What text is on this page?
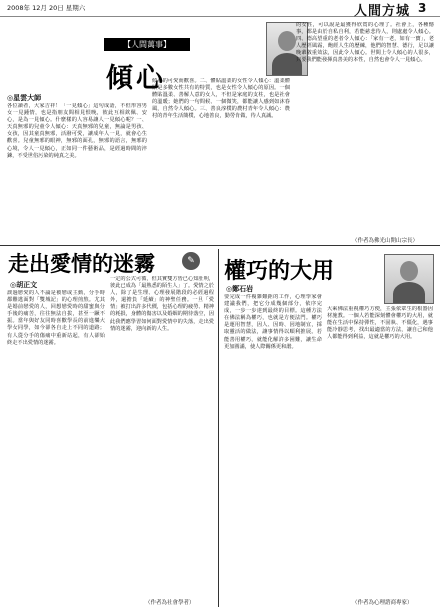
2008年 12月 20日 星期六	人間方城 3
【人間萬事】
傾心
◎星雲大師
各位讀者，大家吉祥！「一見傾心」這句成語，不但形容男女一見鍾情，也是指朋友間相見恨晚，彼此互相欽佩、安心，是為一見傾心。什麼樣的人容易讓人一見傾心呢？一、天真無邪的兒童令人傾心：天真無邪的兒童，無論是男孩、女孩，因其童真無邪，活潑可愛，讓成年人一見，就會心生歡喜。兒童無邪的眼神，無邪的面孔，無邪的語言，無邪的心境，令人一見傾心，正如同一件藝術品，是經過時間的淬鍊，不受世俗污染的純真之美。
傾心的可愛而歡喜。二、體貼溫柔的女性令人傾心：溫柔體貼是多數女性共有的特質，也是女性令人傾心的原因。一個體貼溫柔、善解人意的女人，不但是家庭的支柱，也是社會的溫暖；她們的一句問候、一個微笑，都能讓人感到如沐春風，自然令人傾心。三、善良淳樸的農村青年令人傾心：農村的青年生活簡樸，心地善良，勤勞肯做，待人真誠。
的女性，可以說是最獲得欣賞的心理了。社會上，各種憾事，都是由於自私自利，若能慈悲待人，則處處令人傾心。四、德高望重的老者令人傾心：「家有一老，如有一寶」，老人歷經風霜，飽經人生的歷練，他們的智慧、德行，足以讓晚輩敬重效法，因此令人傾心。世間上令人傾心的人很多，只要我們能發揮真善美的本性，自然也會令人一見傾心。
（作者為佛光山開山宗長）
走出愛情的迷霧	✎
◎胡正文
談過戀愛的人不論是被戀或主動，分手時都難逃面對「雙城記」的心理煎熬。尤其是婚前戀愛的人，回想戀愛時的甜蜜與分手後的痛苦，往往無法自拔，甚至一蹶不振。當年與好友同時喜歡學長的前進樂大學女同學，如今卻各自走上不同的道路；有人從分手的傷痛中重新站起，有人卻始終走不出愛情的迷霧。
一定的公式可循，但其實雙方皆已心知肚明，彼此已成為「最熟悉的陌生人」了。愛情之於人，除了是生理、心理發展階段的必經過程外，還擔負「延續」的神聖任務。一旦「愛情」被打出許多代價，包括心理的疲勞、精神的耗損，身體的傷害以及婚姻的期待落空，因此我們應學習如何面對愛情中的失落，走出愛情的迷霧，迎向新的人生。
（作者為社會學者）
權巧的大用
◎鄭石岩
要完成一件複雜艱鉅的工作，心理學家會建議我們，把它分成幾個部分，依序完成，一步一步達到最終的目標。這種方法在佛法稱為權巧，也就是方便法門。權巧是運用智慧，因人、因時、因地制宜，採取靈活的做法，讓事情得以順利推展。若能善用權巧，就能化解許多困難，讓生命更加圓滿，使人際關係更和諧。
大乘佛法重視權巧方便，主張依眾生的根器因材施教。一個人若能深刻體會權巧的大用，就能在生活中保持彈性，不固執、不僵化，遇事能冷靜思考，找出最適當的方法，讓自己和他人都能得到利益，這就是權巧的大用。
（作者為心理諮商專家）
